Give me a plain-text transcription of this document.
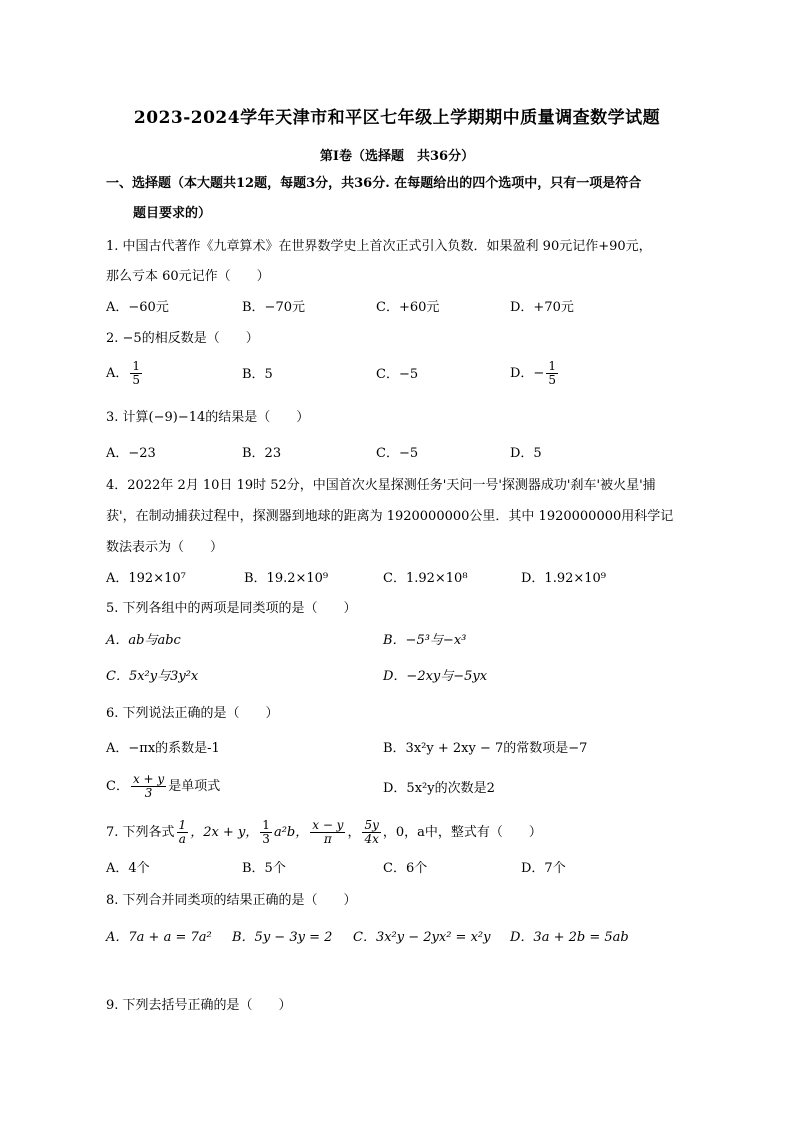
2023-2024学年天津市和平区七年级上学期期中质量调查数学试题
第I卷（选择题　共36分）
一、选择题（本大题共12题，每题3分，共36分. 在每题给出的四个选项中，只有一项是符合
题目要求的）
1. 中国古代著作《九章算术》在世界数学史上首次正式引入负数．如果盈利 90元记作+90元，
那么亏本 60元记作（　　）
A．−60元	B．−70元	C．+60元	D．+70元
2. −5的相反数是（　　）
A． $\frac{1}{5}$	B．5	C．−5	D．− $\frac{1}{5}$
3. 计算(−9)−14的结果是（　　）
A．−23	B．23	C．−5	D．5
4．2022年 2月 10日 19时 52分，中国首次火星探测任务'天问一号'探测器成功'刹车'被火星'捕
获'，在制动捕获过程中，探测器到地球的距离为 1920000000公里．其中 1920000000用科学记
数法表示为（　　）
A．192×10⁷	B．19.2×10⁹	C．1.92×10⁸	D．1.92×10⁹
5. 下列各组中的两项是同类项的是（　　）
A．ab与abc	B．−5³与−x³
C．5x²y与3y²x	D．−2xy与−5yx
6. 下列说法正确的是（　　）
A．−πx的系数是-1	B．3x²y + 2xy − 7的常数项是−7
C． $\frac{x + y}{3}$ 是单项式	D．5x²y的次数是2
7. 下列各式 $\frac{1}{a}$ ，2x + y， $\frac{1}{3} a^2b$， $\frac{x - y}{\pi}$ ， $\frac{5y}{4x}$ ，0，a中，整式有（　　）
A．4个	B．5个	C．6个	D．7个
8. 下列合并同类项的结果正确的是（　　）
A．7a + a = 7a² B．5y − 3y = 2 C．3x²y − 2yx² = x²y D．3a + 2b = 5ab
9. 下列去括号正确的是（　　）
